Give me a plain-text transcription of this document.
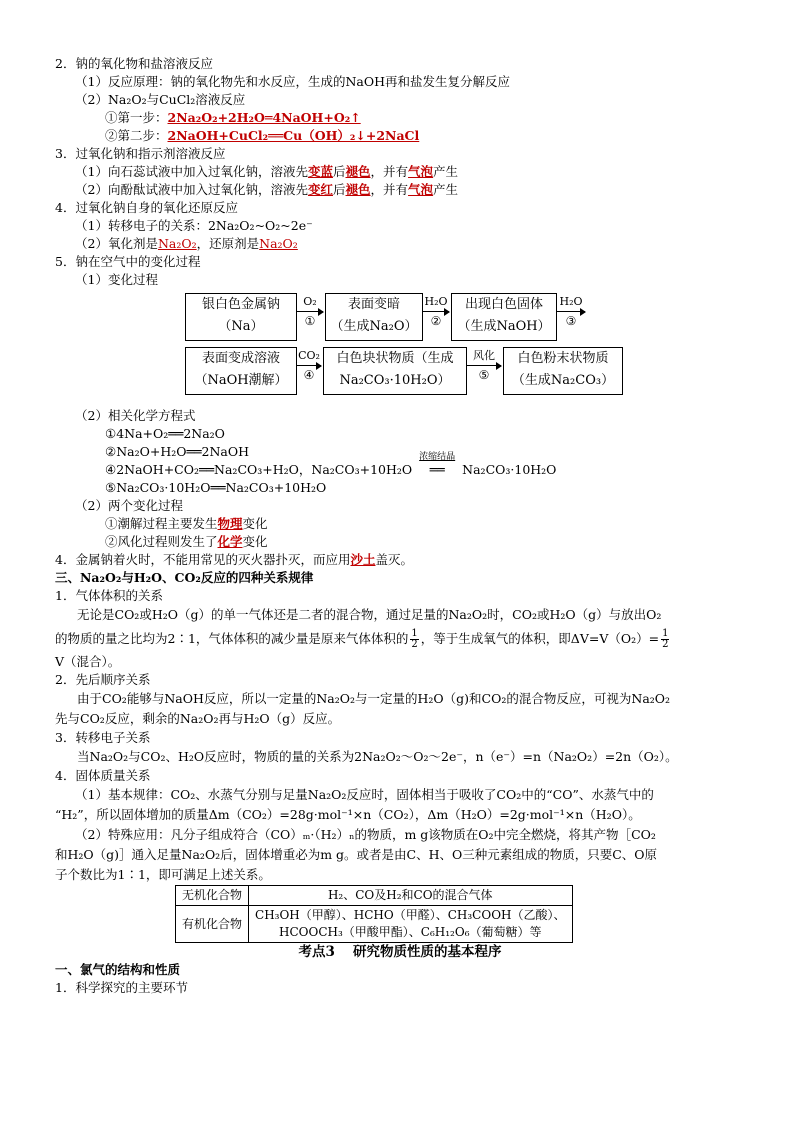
2．钠的氧化物和盐溶液反应
（1）反应原理：钠的氧化物先和水反应，生成的NaOH再和盐发生复分解反应
（2）Na₂O₂与CuCl₂溶液反应
①第一步：2Na₂O₂+2H₂O═4NaOH+O₂↑
②第二步：2NaOH+CuCl₂══Cu（OH）₂↓+2NaCl
3．过氧化钠和指示剂溶液反应
（1）向石蕊试液中加入过氧化钠，溶液先变蓝后褪色，并有气泡产生
（2）向酚酞试液中加入过氧化钠，溶液先变红后褪色，并有气泡产生
4．过氧化钠自身的氧化还原反应
（1）转移电子的关系：2Na₂O₂~O₂~2e⁻
（2）氧化剂是Na₂O₂，还原剂是Na₂O₂
5．钠在空气中的变化过程
（1）变化过程
银白色金属钠
（Na）
O₂
①
表面变暗
（生成Na₂O）
H₂O
②
出现白色固体
（生成NaOH）
H₂O
③
表面变成溶液
（NaOH潮解）
CO₂
④
白色块状物质（生成
Na₂CO₃·10H₂O）
风化
⑤
白色粉末状物质
（生成Na₂CO₃）
（2）相关化学方程式
①4Na+O₂══2Na₂O
②Na₂O+H₂O══2NaOH
④2NaOH+CO₂══Na₂CO₃+H₂O，Na₂CO₃+10H₂O
浓缩结晶
══ Na₂CO₃·10H₂O
⑤Na₂CO₃·10H₂O══Na₂CO₃+10H₂O
（2）两个变化过程
①潮解过程主要发生物理变化
②风化过程则发生了化学变化
4．金属钠着火时，不能用常见的灭火器扑灭，而应用沙土盖灭。
三、Na₂O₂与H₂O、CO₂反应的四种关系规律
1．气体体积的关系
无论是CO₂或H₂O（g）的单一气体还是二者的混合物，通过足量的Na₂O₂时，CO₂或H₂O（g）与放出O₂
的物质的量之比均为2∶1，气体体积的减少量是原来气体体积的 $\frac{1}{2}$ ，等于生成氧气的体积，即$\Delta V=V(O_2)= \frac{1}{2}$
V（混合）。
2．先后顺序关系
由于CO₂能够与NaOH反应，所以一定量的Na₂O₂与一定量的H₂O（g)和CO₂的混合物反应，可视为Na₂O₂
先与CO₂反应，剩余的Na₂O₂再与H₂O（g）反应。
3．转移电子关系
当Na₂O₂与CO₂、H₂O反应时，物质的量的关系为2Na₂O₂～O₂～2e⁻，n（e⁻）=n（Na₂O₂）=2n（O₂）。
4．固体质量关系
（1）基本规律：CO₂、水蒸气分别与足量Na₂O₂反应时，固体相当于吸收了CO₂中的“CO”、水蒸气中的
“H₂”，所以固体增加的质量Δm（CO₂）=28g·mol⁻¹×n（CO₂），Δm（H₂O）=2g·mol⁻¹×n（H₂O）。
（2）特殊应用：凡分子组成符合（CO）ₘ·（H₂）ₙ的物质，m g该物质在O₂中完全燃烧，将其产物［CO₂
和H₂O（g)］通入足量Na₂O₂后，固体增重必为m g。或者是由C、H、O三种元素组成的物质，只要C、O原
子个数比为1∶1，即可满足上述关系。
无机化合物	H₂、CO及H₂和CO的混合气体
有机化合物	CH₃OH（甲醇）、HCHO（甲醛）、CH₃COOH（乙酸）、
HCOOCH₃（甲酸甲酯）、C₆H₁₂O₆（葡萄糖）等
考点3　 研究物质性质的基本程序
一、氯气的结构和性质
1．科学探究的主要环节
